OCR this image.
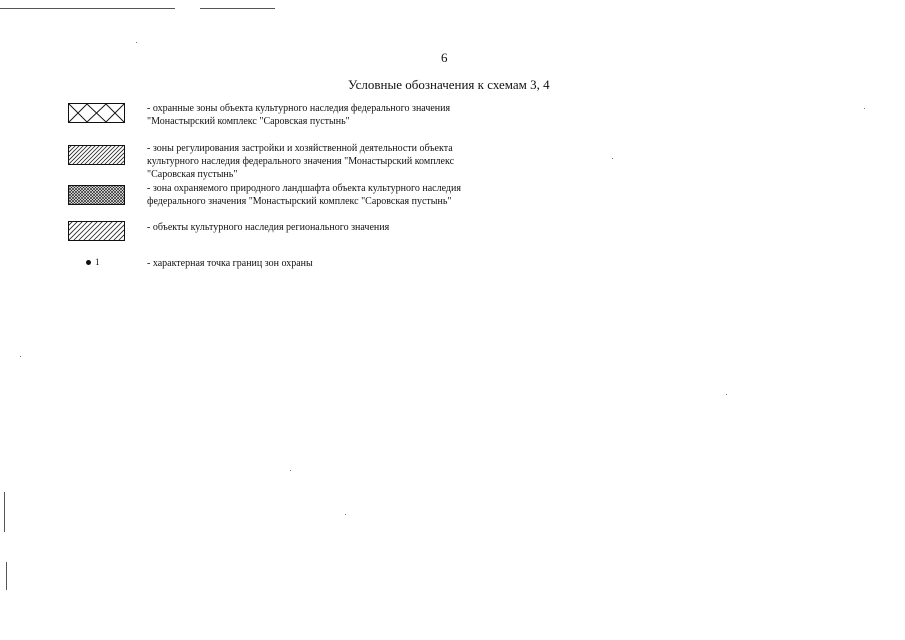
6
Условные обозначения к схемам 3, 4
- охранные зоны объекта культурного наследия федерального значения
"Монастырский комплекс "Саровская пустынь"
- зоны регулирования застройки и хозяйственной деятельности объекта
культурного наследия федерального значения "Монастырский комплекс
"Саровская пустынь"
- зона охраняемого природного ландшафта объекта культурного наследия
федерального значения "Монастырский комплекс "Саровская пустынь"
- объекты культурного наследия регионального значения
1	- характерная точка границ зон охраны
